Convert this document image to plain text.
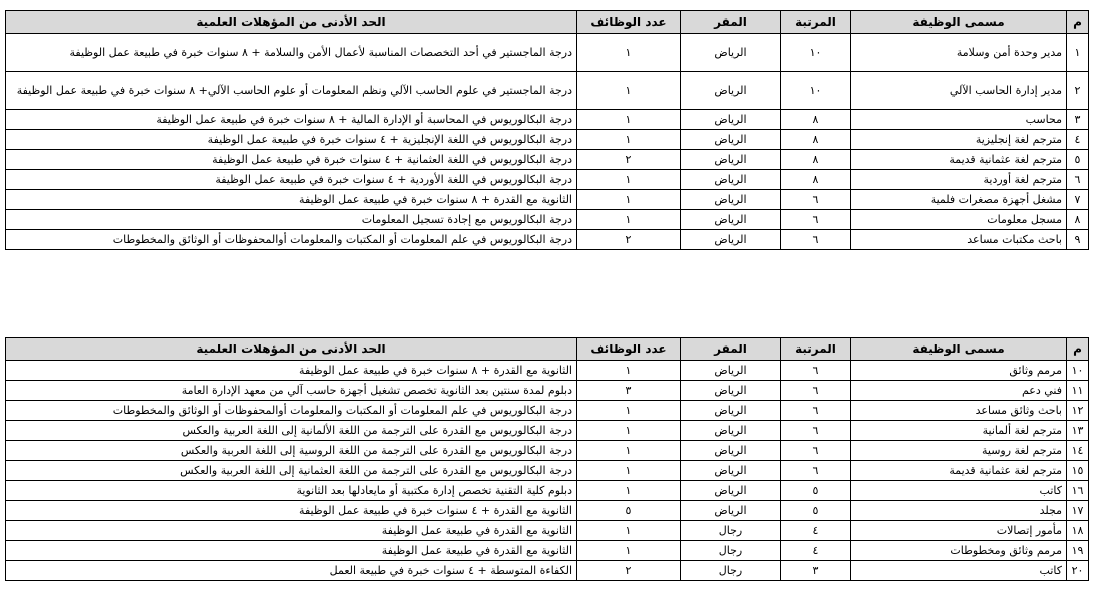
م	مسمى الوظيفة	المرتبة	المقر	عدد الوظائف	الحد الأدنى من المؤهلات العلمية
١	مدير وحدة أمن وسلامة	١٠	الرياض	١	درجة الماجستير في أحد التخصصات المناسبة لأعمال الأمن والسلامة + ٨ سنوات خبرة في طبيعة عمل الوظيفة
٢	مدير إدارة الحاسب الآلي	١٠	الرياض	١	درجة الماجستير في علوم الحاسب الآلي ونظم المعلومات أو علوم الحاسب الآلي+ ٨ سنوات خبرة في طبيعة عمل الوظيفة
٣	محاسب	٨	الرياض	١	درجة البكالوريوس في المحاسبة أو الإدارة المالية + ٨ سنوات خبرة في طبيعة عمل الوظيفة
٤	مترجم لغة إنجليزية	٨	الرياض	١	درجة البكالوريوس في اللغة الإنجليزية + ٤ سنوات خبرة في طبيعة عمل الوظيفة
٥	مترجم لغة عثمانية قديمة	٨	الرياض	٢	درجة البكالوريوس في اللغة العثمانية + ٤ سنوات خبرة في طبيعة عمل الوظيفة
٦	مترجم لغة أوردية	٨	الرياض	١	درجة البكالوريوس في اللغة الأوردية + ٤ سنوات خبرة في طبيعة عمل الوظيفة
٧	مشغل أجهزة مصغرات فلمية	٦	الرياض	١	الثانوية مع القدرة + ٨ سنوات خبرة في طبيعة عمل الوظيفة
٨	مسجل معلومات	٦	الرياض	١	درجة البكالوريوس مع إجادة تسجيل المعلومات
٩	باحث مكتبات مساعد	٦	الرياض	٢	درجة البكالوريوس في علم المعلومات أو المكتبات والمعلومات أوالمحفوظات أو الوثائق والمخطوطات
م	مسمى الوظيفة	المرتبة	المقر	عدد الوظائف	الحد الأدنى من المؤهلات العلمية
١٠	مرمم وثائق	٦	الرياض	١	الثانوية مع القدرة + ٨ سنوات خبرة في طبيعة عمل الوظيفة
١١	فني دعم	٦	الرياض	٣	دبلوم لمدة سنتين بعد الثانوية تخصص تشغيل أجهزة حاسب آلي من معهد الإدارة العامة
١٢	باحث وثائق مساعد	٦	الرياض	١	درجة البكالوريوس في علم المعلومات أو المكتبات والمعلومات أوالمحفوظات أو الوثائق والمخطوطات
١٣	مترجم لغة ألمانية	٦	الرياض	١	درجة البكالوريوس مع القدرة على الترجمة من اللغة الألمانية إلى اللغة العربية والعكس
١٤	مترجم لغة روسية	٦	الرياض	١	درجة البكالوريوس مع القدرة على الترجمة من اللغة الروسية إلى اللغة العربية والعكس
١٥	مترجم لغة عثمانية قديمة	٦	الرياض	١	درجة البكالوريوس مع القدرة على الترجمة من اللغة العثمانية إلى اللغة العربية والعكس
١٦	كاتب	٥	الرياض	١	دبلوم كلية التقنية تخصص إدارة مكتبية أو مايعادلها بعد الثانوية
١٧	مجلد	٥	الرياض	٥	الثانوية مع القدرة + ٤ سنوات خبرة في طبيعة عمل الوظيفة
١٨	مأمور إتصالات	٤	رجال	١	الثانوية مع القدرة في طبيعة عمل الوظيفة
١٩	مرمم وثائق ومخطوطات	٤	رجال	١	الثانوية مع القدرة في طبيعة عمل الوظيفة
٢٠	كاتب	٣	رجال	٢	الكفاءة المتوسطة + ٤ سنوات خبرة في طبيعة العمل
